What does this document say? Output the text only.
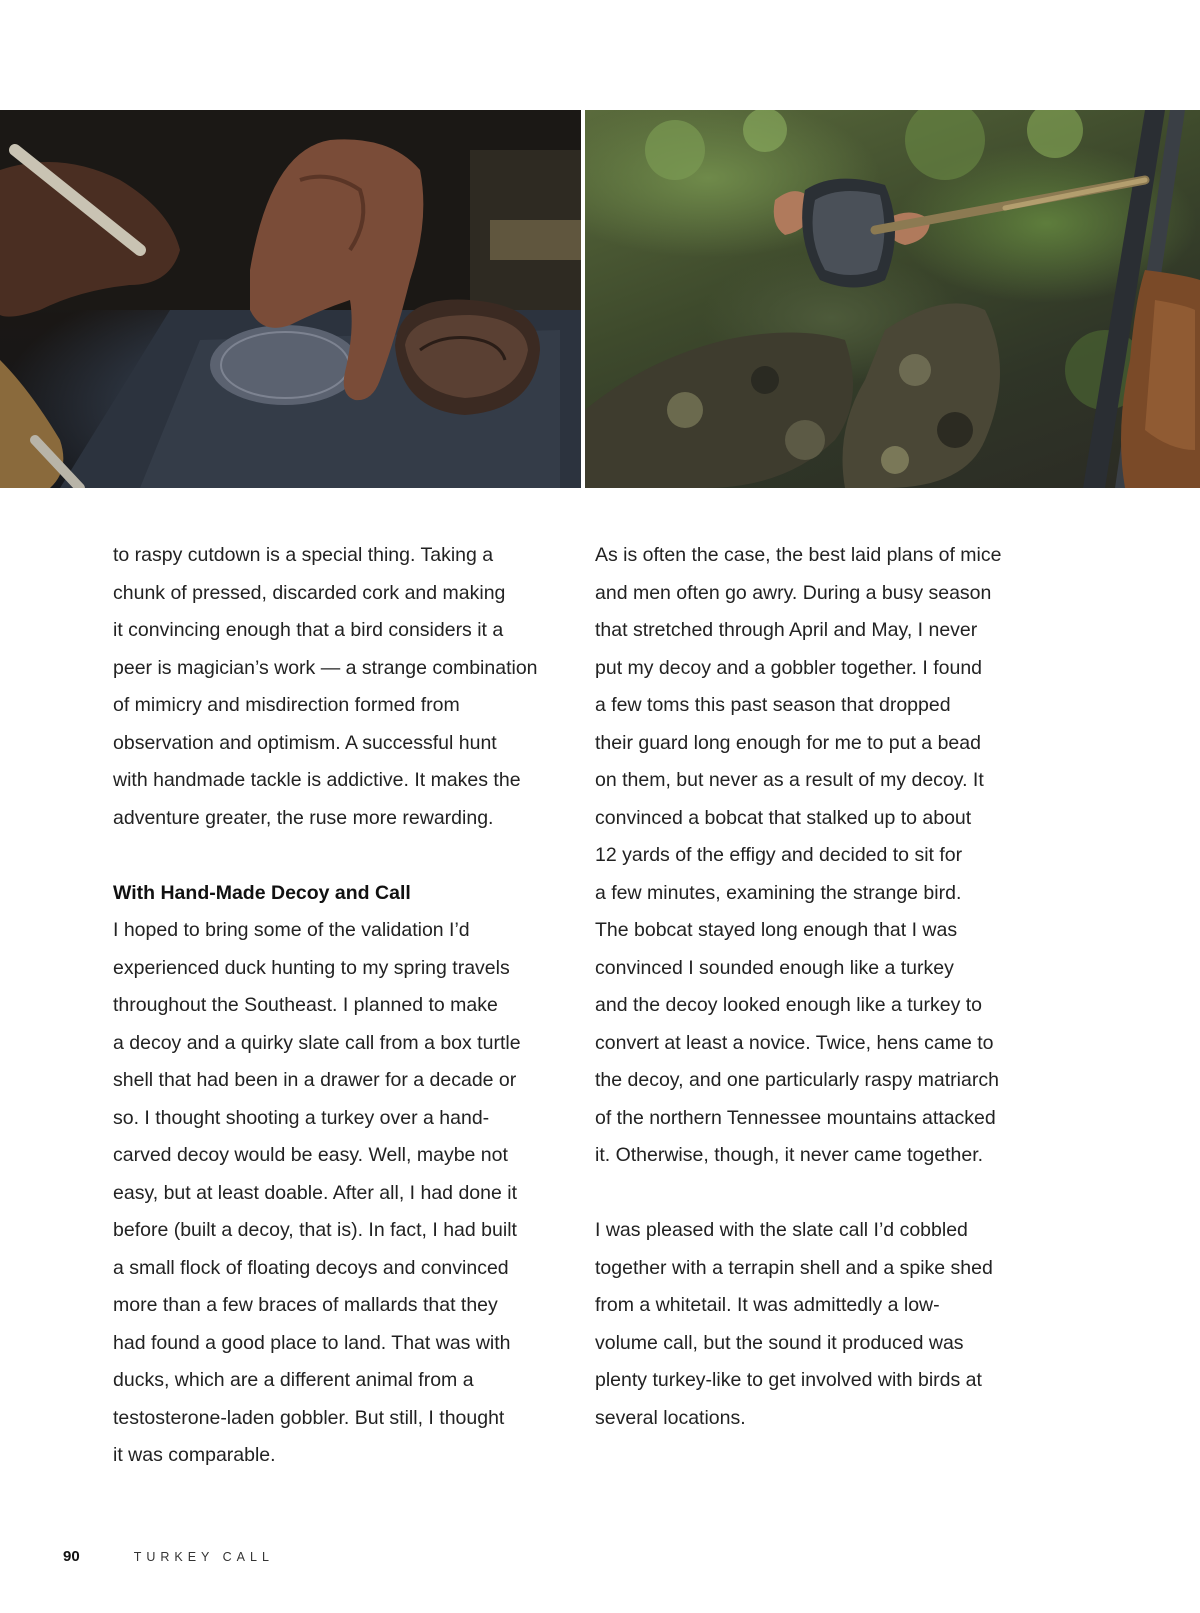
to raspy cutdown is a special thing. Taking a
chunk of pressed, discarded cork and making
it convincing enough that a bird considers it a
peer is magician’s work — a strange combination
of mimicry and misdirection formed from
observation and optimism. A successful hunt
with handmade tackle is addictive. It makes the
adventure greater, the ruse more rewarding.

With Hand-Made Decoy and Call

I hoped to bring some of the validation I’d
experienced duck hunting to my spring travels
throughout the Southeast. I planned to make
a decoy and a quirky slate call from a box turtle
shell that had been in a drawer for a decade or
so. I thought shooting a turkey over a hand-
carved decoy would be easy. Well, maybe not
easy, but at least doable. After all, I had done it
before (built a decoy, that is). In fact, I had built
a small flock of floating decoys and convinced
more than a few braces of mallards that they
had found a good place to land. That was with
ducks, which are a different animal from a
testosterone-laden gobbler. But still, I thought
it was comparable.

As is often the case, the best laid plans of mice
and men often go awry. During a busy season
that stretched through April and May, I never
put my decoy and a gobbler together. I found
a few toms this past season that dropped
their guard long enough for me to put a bead
on them, but never as a result of my decoy. It
convinced a bobcat that stalked up to about
12 yards of the effigy and decided to sit for
a few minutes, examining the strange bird.
The bobcat stayed long enough that I was
convinced I sounded enough like a turkey
and the decoy looked enough like a turkey to
convert at least a novice. Twice, hens came to
the decoy, and one particularly raspy matriarch
of the northern Tennessee mountains attacked
it. Otherwise, though, it never came together.

I was pleased with the slate call I’d cobbled
together with a terrapin shell and a spike shed
from a whitetail. It was admittedly a low-
volume call, but the sound it produced was
plenty turkey-like to get involved with birds at
several locations.

90	TURKEY CALL
